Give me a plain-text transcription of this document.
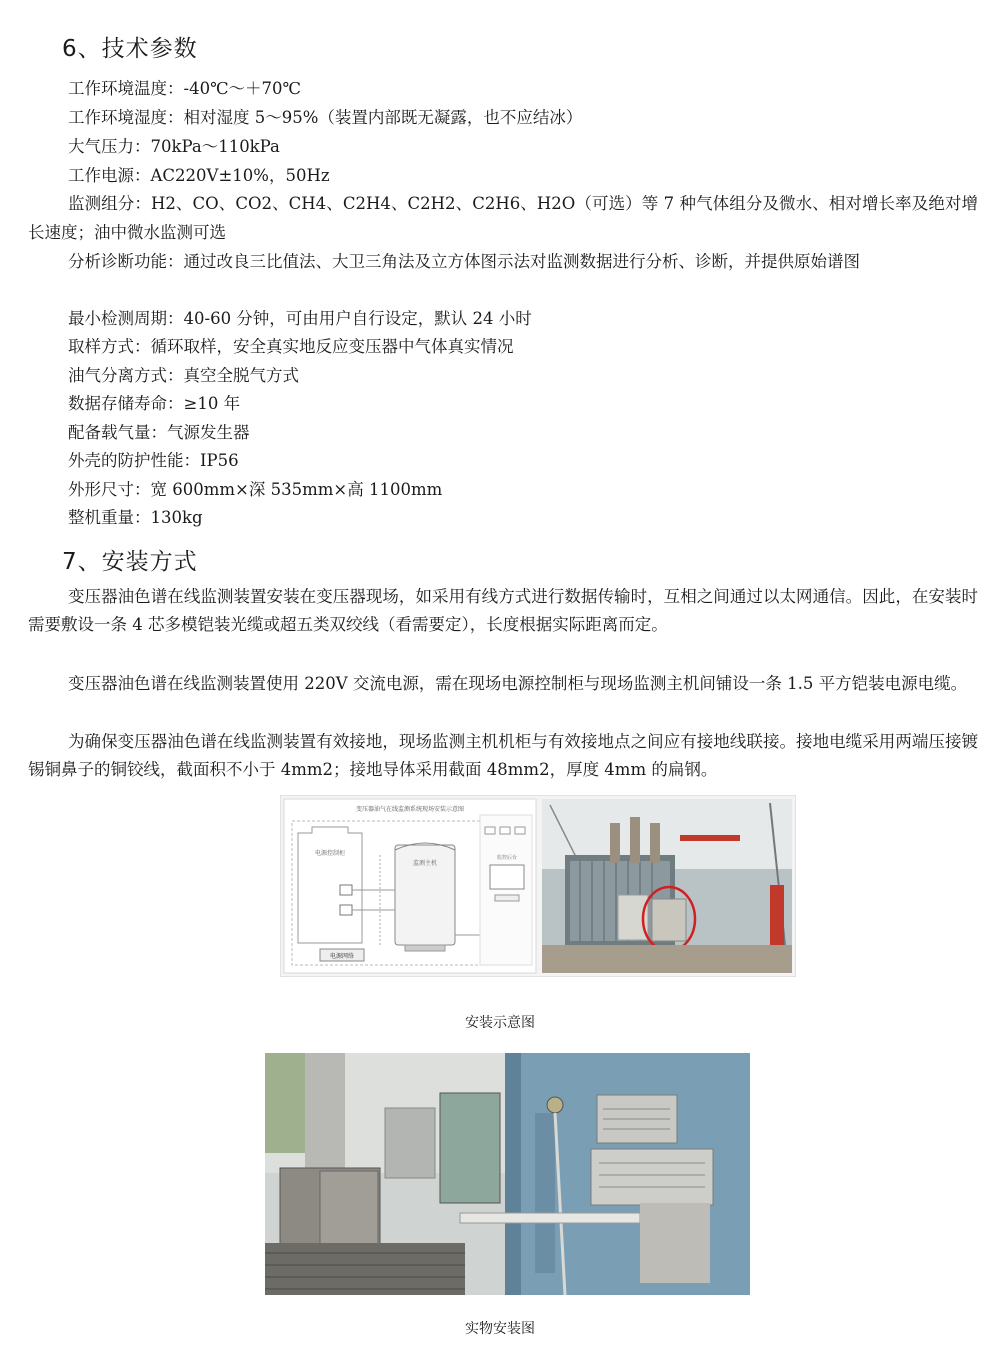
6、技术参数
工作环境温度：-40℃～＋70℃
工作环境湿度：相对湿度 5～95%（装置内部既无凝露，也不应结冰）
大气压力：70kPa～110kPa
工作电源：AC220V±10%，50Hz
监测组分：H2、CO、CO2、CH4、C2H4、C2H2、C2H6、H2O（可选）等 7 种气体组分及微水、相对增长率及绝对增长速度；油中微水监测可选
分析诊断功能：通过改良三比值法、大卫三角法及立方体图示法对监测数据进行分析、诊断，并提供原始谱图
最小检测周期：40-60 分钟，可由用户自行设定，默认 24 小时
取样方式：循环取样，安全真实地反应变压器中气体真实情况
油气分离方式：真空全脱气方式
数据存储寿命：≥10 年
配备载气量：气源发生器
外壳的防护性能：IP56
外形尺寸：宽 600mm×深 535mm×高 1100mm
整机重量：130kg
7、安装方式
变压器油色谱在线监测装置安装在变压器现场，如采用有线方式进行数据传输时，互相之间通过以太网通信。因此，在安装时需要敷设一条 4 芯多模铠装光缆或超五类双绞线（看需要定），长度根据实际距离而定。
变压器油色谱在线监测装置使用 220V 交流电源，需在现场电源控制柜与现场监测主机间铺设一条 1.5 平方铠装电源电缆。
为确保变压器油色谱在线监测装置有效接地，现场监测主机机柜与有效接地点之间应有接地线联接。接地电缆采用两端压接镀锡铜鼻子的铜铰线，截面积不小于 4mm2；接地导体采用截面 48mm2，厚度 4mm 的扁钢。
变压器油气在线监测系统现场安装示意图
电源控制柜
监测主机
电源网络
监控后台
安装示意图
实物安装图
